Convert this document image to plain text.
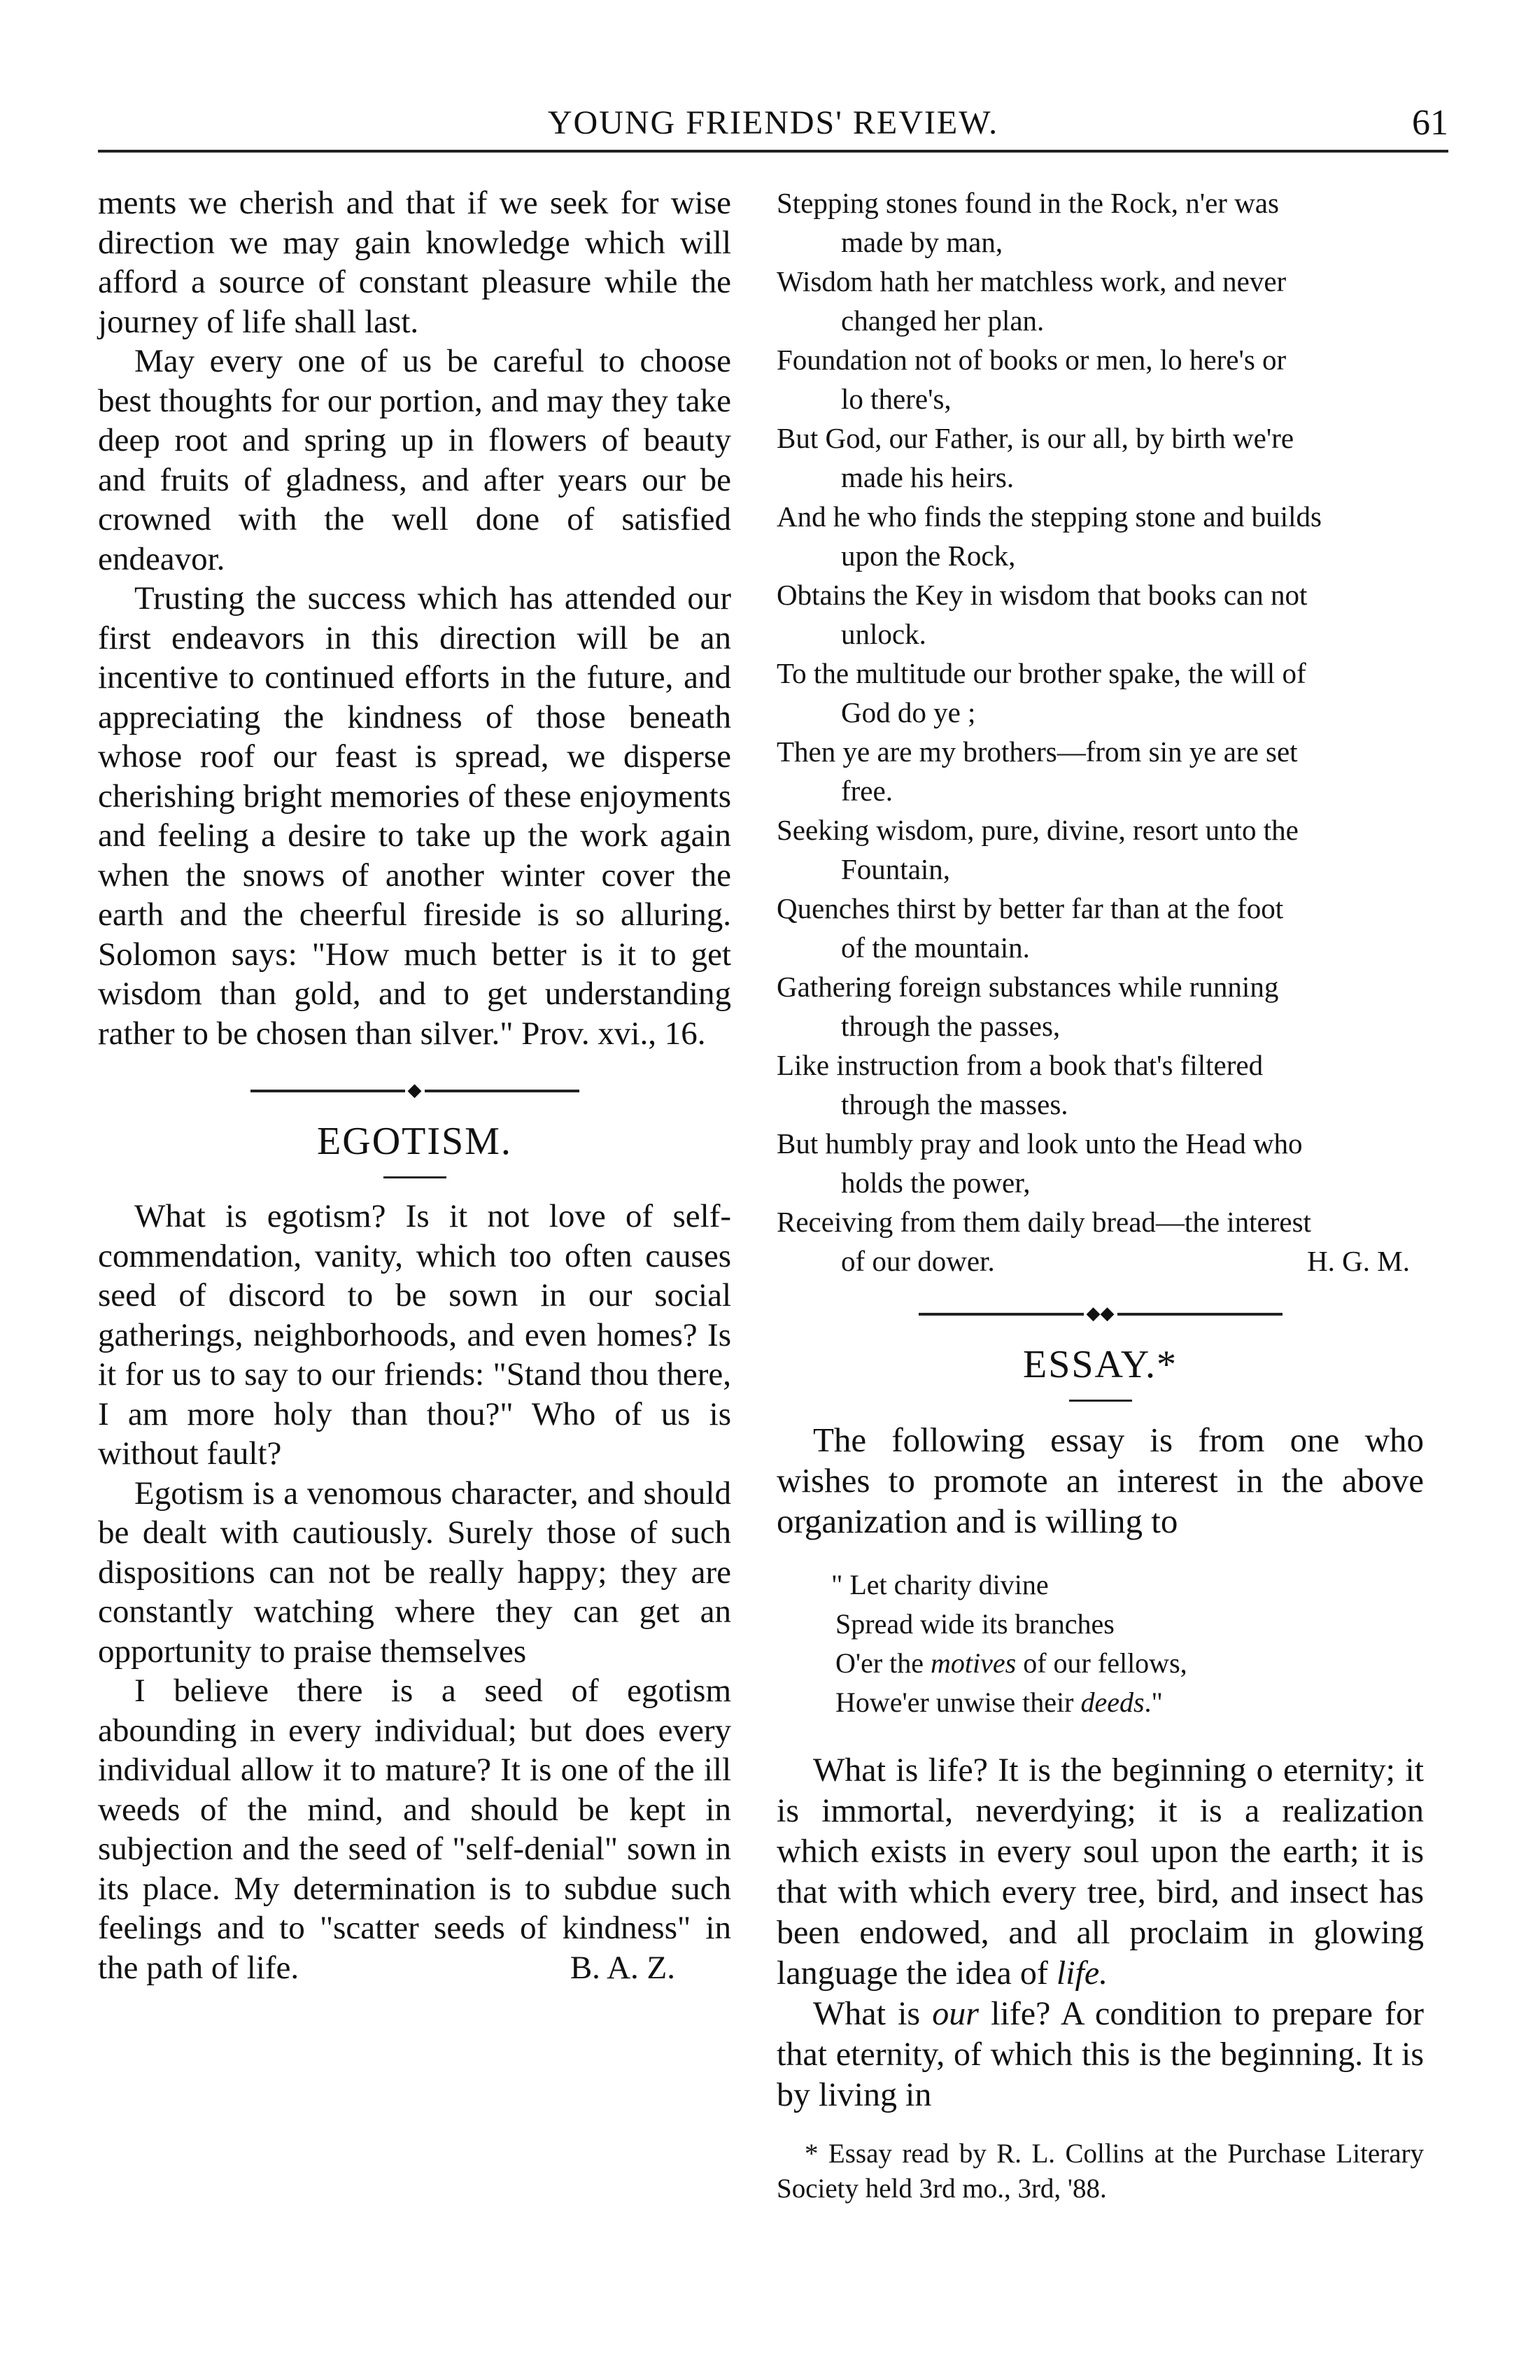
YOUNG FRIENDS' REVIEW.	61

ments we cherish and that if we seek for wise direction we may gain knowledge which will afford a source of constant pleasure while the journey of life shall last.

May every one of us be careful to choose best thoughts for our portion, and may they take deep root and spring up in flowers of beauty and fruits of gladness, and after years our be crowned with the well done of satisfied endeavor.

Trusting the success which has attended our first endeavors in this direction will be an incentive to continued efforts in the future, and appreciating the kindness of those beneath whose roof our feast is spread, we disperse cherishing bright memories of these enjoyments and feeling a desire to take up the work again when the snows of another winter cover the earth and the cheerful fireside is so alluring. Solomon says: "How much better is it to get wisdom than gold, and to get understanding rather to be chosen than silver." Prov. xvi., 16.

◆
EGOTISM.

What is egotism? Is it not love of self-commendation, vanity, which too often causes seed of discord to be sown in our social gatherings, neighborhoods, and even homes? Is it for us to say to our friends: "Stand thou there, I am more holy than thou?" Who of us is without fault?

Egotism is a venomous character, and should be dealt with cautiously. Surely those of such dispositions can not be really happy; they are constantly watching where they can get an opportunity to praise themselves

I believe there is a seed of egotism abounding in every individual; but does every individual allow it to mature? It is one of the ill weeds of the mind, and should be kept in subjection and the seed of "self-denial" sown in its place. My determination is to subdue such feelings and to "scatter seeds of kindness" in the path of life.	B. A. Z.

Stepping stones found in the Rock, n'er was
made by man,
Wisdom hath her matchless work, and never
changed her plan.
Foundation not of books or men, lo here's or
lo there's,
But God, our Father, is our all, by birth we're
made his heirs.
And he who finds the stepping stone and builds
upon the Rock,
Obtains the Key in wisdom that books can not
unlock.
To the multitude our brother spake, the will of
God do ye ;
Then ye are my brothers—from sin ye are set
free.
Seeking wisdom, pure, divine, resort unto the
Fountain,
Quenches thirst by better far than at the foot
of the mountain.
Gathering foreign substances while running
through the passes,
Like instruction from a book that's filtered
through the masses.
But humbly pray and look unto the Head who
holds the power,
Receiving from them daily bread—the interest
of our dower.	H. G. M.
◆◆
ESSAY.*

The following essay is from one who wishes to promote an interest in the above organization and is willing to

" Let charity divine
Spread wide its branches
O'er the motives of our fellows,
Howe'er unwise their deeds."

What is life? It is the beginning o eternity; it is immortal, neverdying; it is a realization which exists in every soul upon the earth; it is that with which every tree, bird, and insect has been endowed, and all proclaim in glowing language the idea of life.

What is our life? A condition to prepare for that eternity, of which this is the beginning. It is by living in

* Essay read by R. L. Collins at the Purchase Literary Society held 3rd mo., 3rd, '88.
